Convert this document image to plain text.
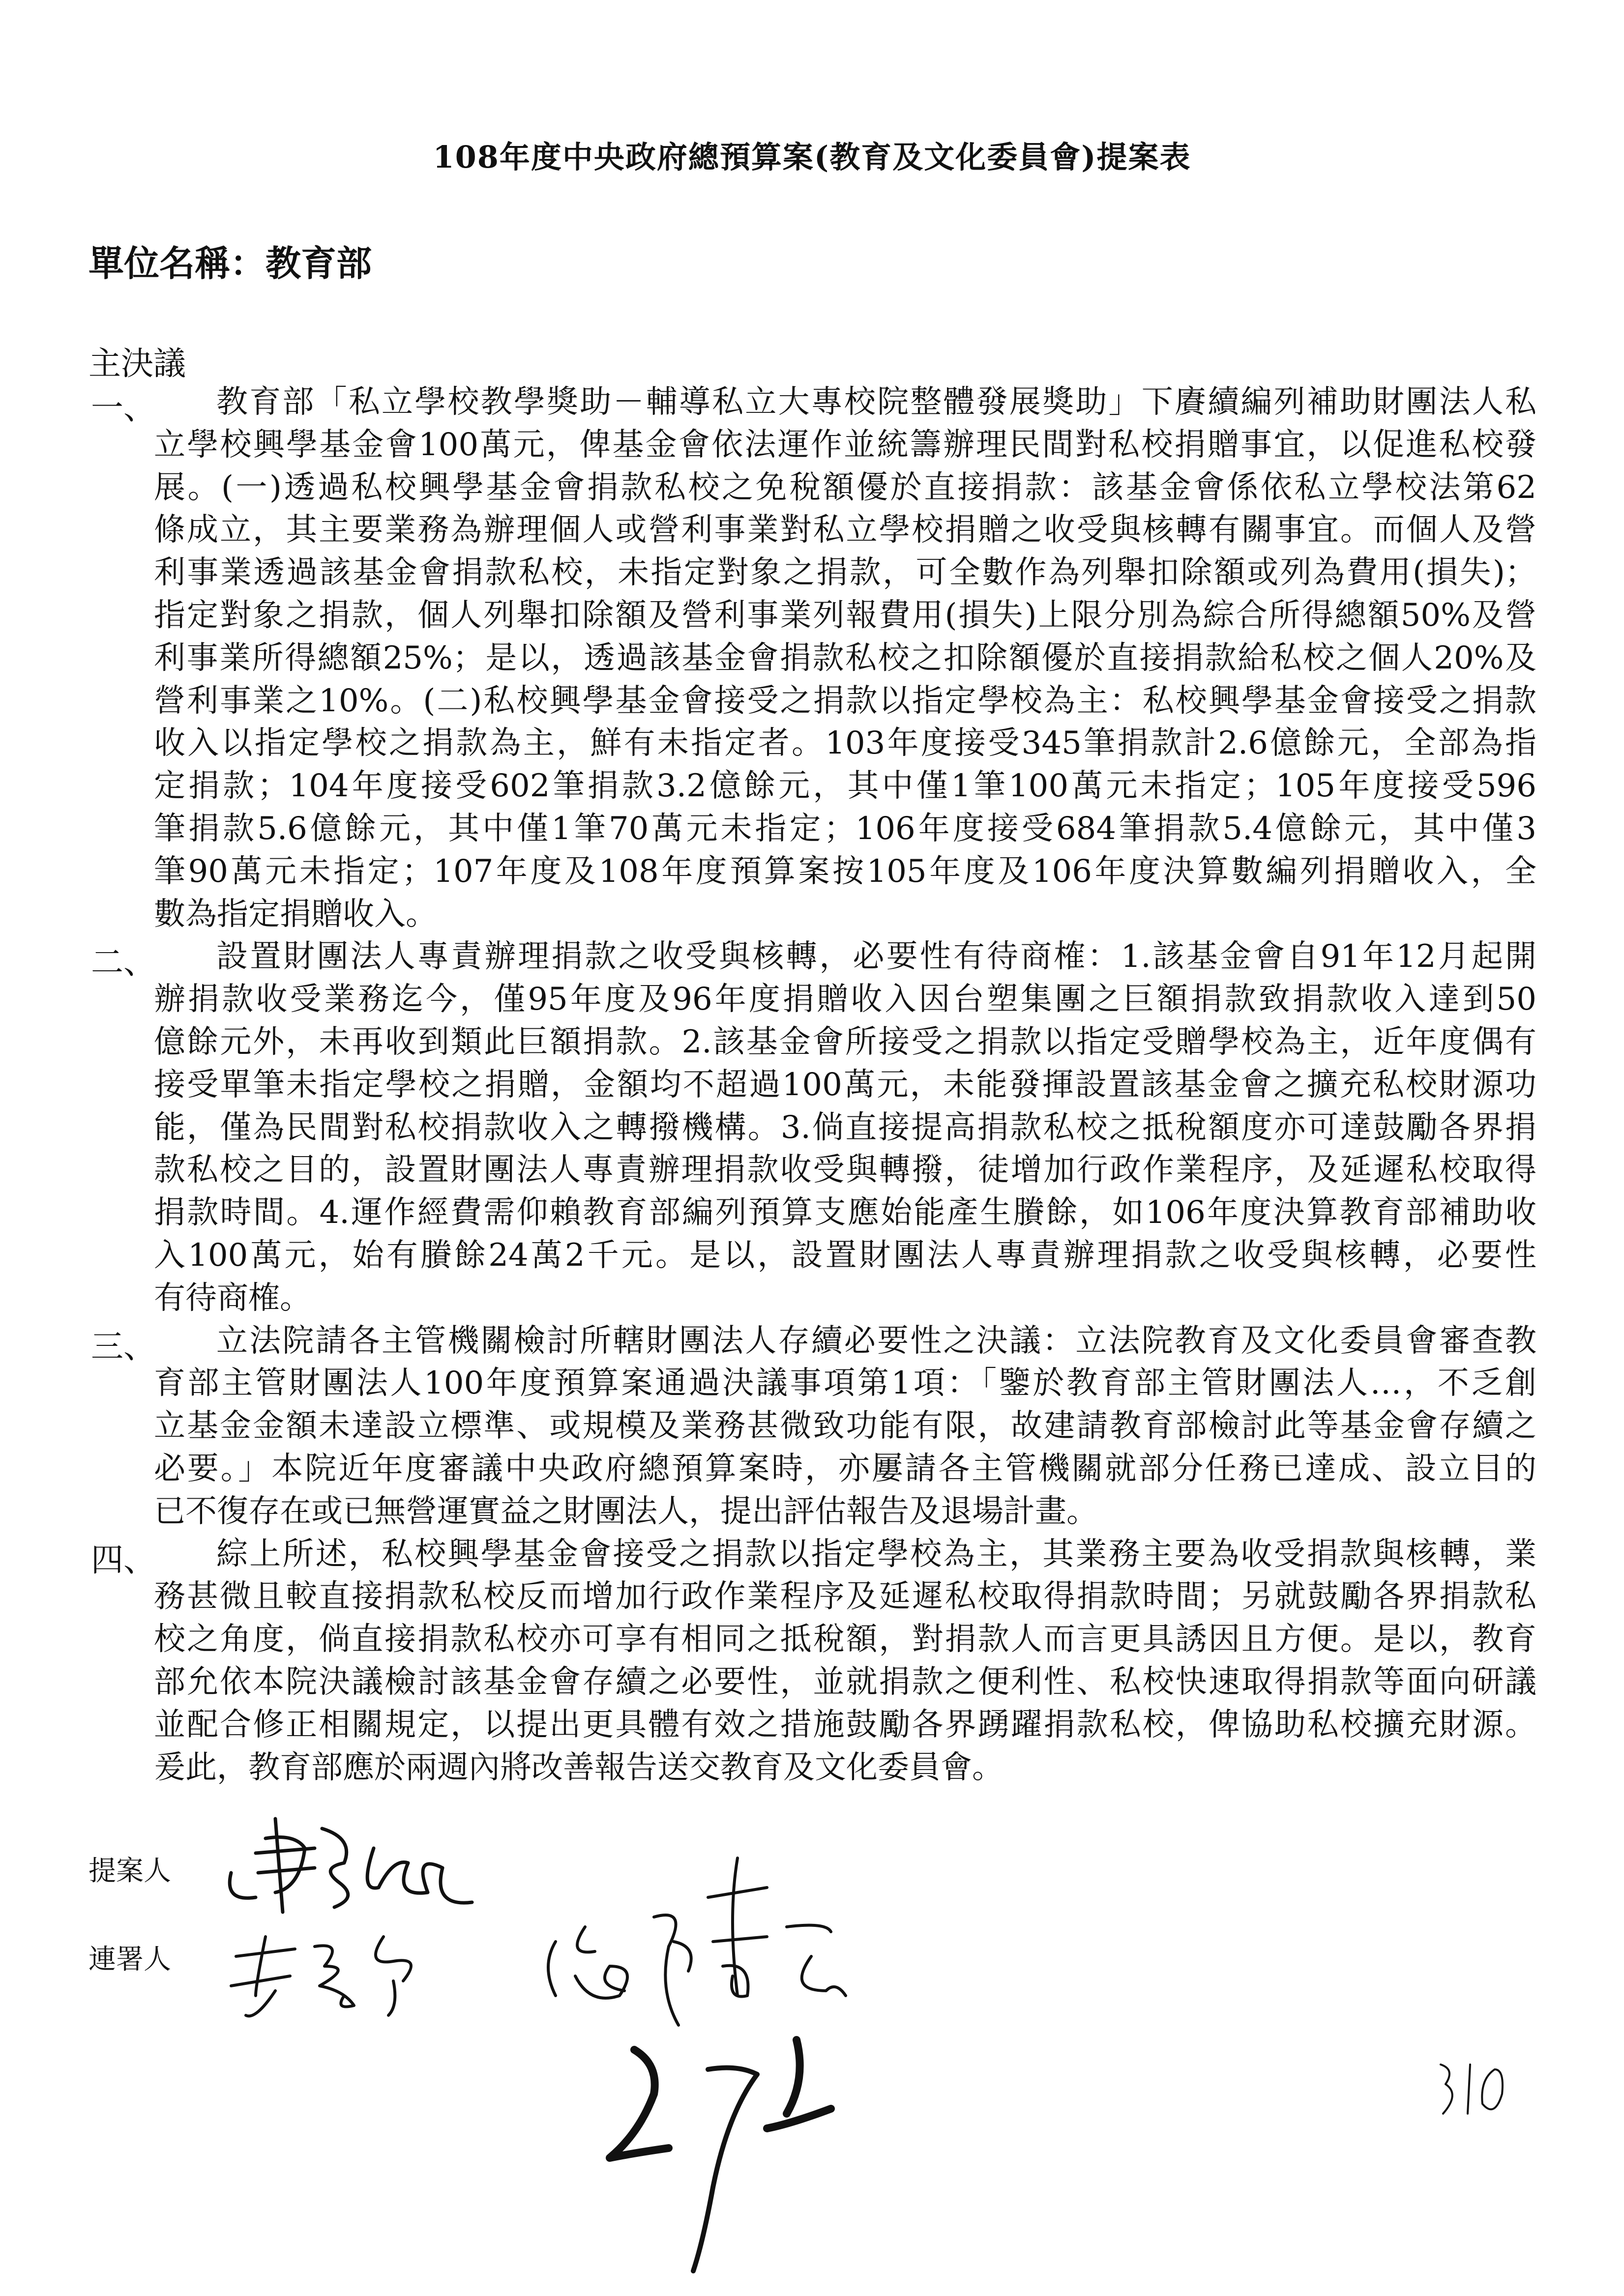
108年度中央政府總預算案(教育及文化委員會)提案表
單位名稱：教育部
主決議
一、 教育部「私立學校教學獎助－輔導私立大專校院整體發展獎助」下賡續編列補助財團法人私
立學校興學基金會100萬元，俾基金會依法運作並統籌辦理民間對私校捐贈事宜，以促進私校發
展。(一)透過私校興學基金會捐款私校之免稅額優於直接捐款：該基金會係依私立學校法第62
條成立，其主要業務為辦理個人或營利事業對私立學校捐贈之收受與核轉有關事宜。而個人及營
利事業透過該基金會捐款私校，未指定對象之捐款，可全數作為列舉扣除額或列為費用(損失)；
指定對象之捐款，個人列舉扣除額及營利事業列報費用(損失)上限分別為綜合所得總額50%及營
利事業所得總額25%；是以，透過該基金會捐款私校之扣除額優於直接捐款給私校之個人20%及
營利事業之10%。(二)私校興學基金會接受之捐款以指定學校為主：私校興學基金會接受之捐款
收入以指定學校之捐款為主，鮮有未指定者。103年度接受345筆捐款計2.6億餘元，全部為指
定捐款；104年度接受602筆捐款3.2億餘元，其中僅1筆100萬元未指定；105年度接受596
筆捐款5.6億餘元，其中僅1筆70萬元未指定；106年度接受684筆捐款5.4億餘元，其中僅3
筆90萬元未指定；107年度及108年度預算案按105年度及106年度決算數編列捐贈收入，全
數為指定捐贈收入。
二、 設置財團法人專責辦理捐款之收受與核轉，必要性有待商榷：1.該基金會自91年12月起開
辦捐款收受業務迄今，僅95年度及96年度捐贈收入因台塑集團之巨額捐款致捐款收入達到50
億餘元外，未再收到類此巨額捐款。2.該基金會所接受之捐款以指定受贈學校為主，近年度偶有
接受單筆未指定學校之捐贈，金額均不超過100萬元，未能發揮設置該基金會之擴充私校財源功
能，僅為民間對私校捐款收入之轉撥機構。3.倘直接提高捐款私校之抵稅額度亦可達鼓勵各界捐
款私校之目的，設置財團法人專責辦理捐款收受與轉撥，徒增加行政作業程序，及延遲私校取得
捐款時間。4.運作經費需仰賴教育部編列預算支應始能產生賸餘，如106年度決算教育部補助收
入100萬元，始有賸餘24萬2千元。是以，設置財團法人專責辦理捐款之收受與核轉，必要性
有待商榷。
三、 立法院請各主管機關檢討所轄財團法人存續必要性之決議：立法院教育及文化委員會審查教
育部主管財團法人100年度預算案通過決議事項第1項：「鑒於教育部主管財團法人…，不乏創
立基金金額未達設立標準、或規模及業務甚微致功能有限，故建請教育部檢討此等基金會存續之
必要。」本院近年度審議中央政府總預算案時，亦屢請各主管機關就部分任務已達成、設立目的
已不復存在或已無營運實益之財團法人，提出評估報告及退場計畫。
四、 綜上所述，私校興學基金會接受之捐款以指定學校為主，其業務主要為收受捐款與核轉，業
務甚微且較直接捐款私校反而增加行政作業程序及延遲私校取得捐款時間；另就鼓勵各界捐款私
校之角度，倘直接捐款私校亦可享有相同之抵稅額，對捐款人而言更具誘因且方便。是以，教育
部允依本院決議檢討該基金會存續之必要性，並就捐款之便利性、私校快速取得捐款等面向研議
並配合修正相關規定，以提出更具體有效之措施鼓勵各界踴躍捐款私校，俾協助私校擴充財源。
爰此，教育部應於兩週內將改善報告送交教育及文化委員會。
提案人
連署人
